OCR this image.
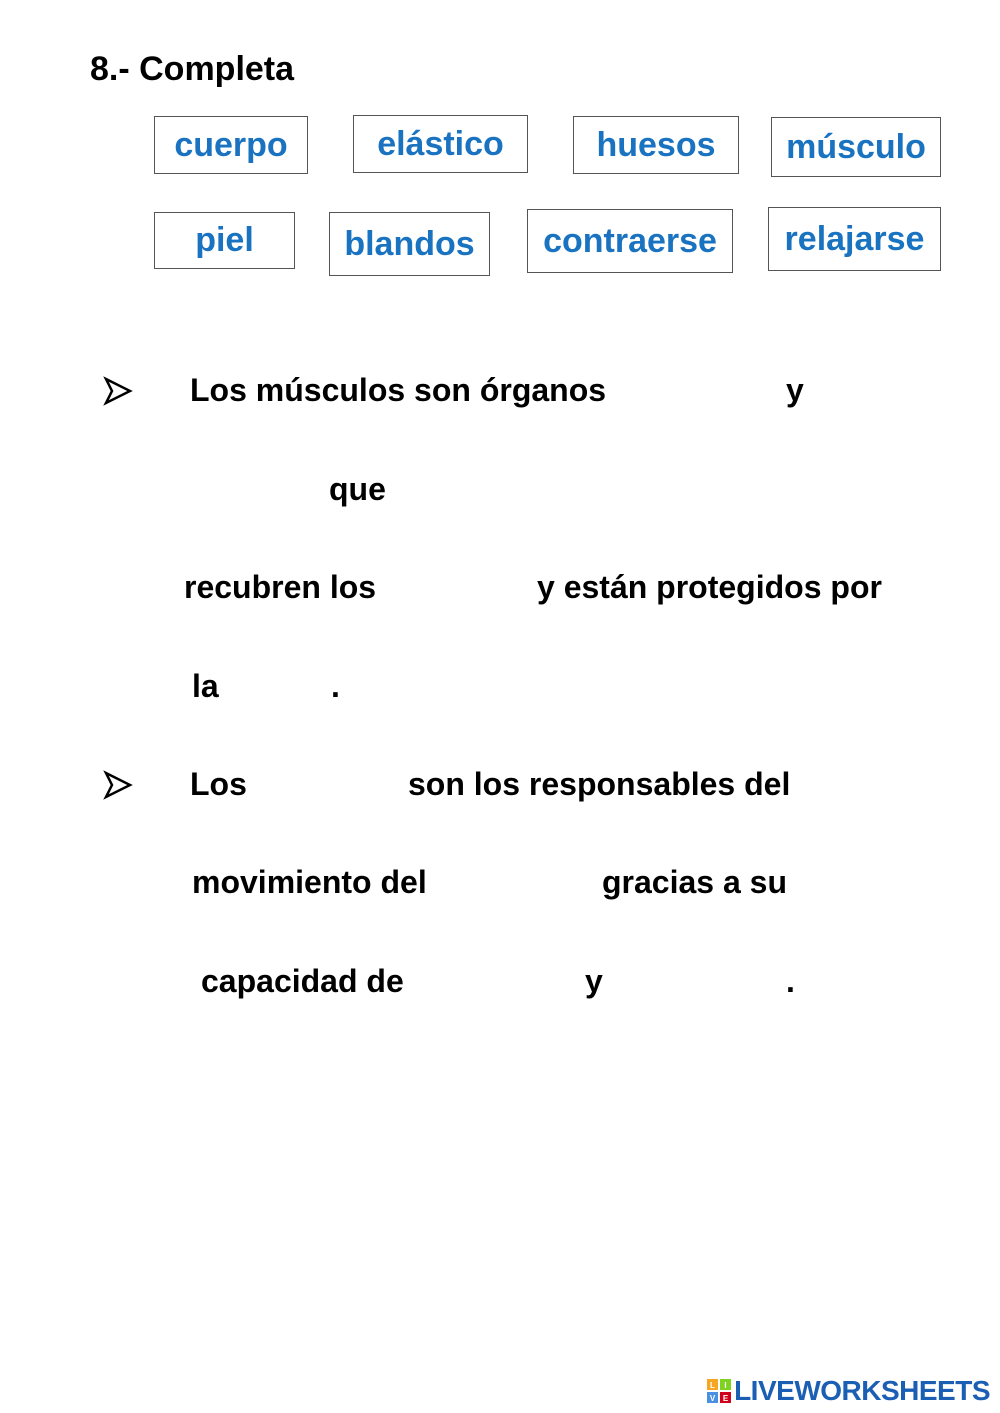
8.- Completa
cuerpo	elástico	huesos	músculo
piel	blandos	contraerse	relajarse
Los músculos son órganos	y
que
recubren los	y están protegidos por
la	.
Los	son los responsables del
movimiento del	gracias a su
capacidad de	y	.
L I
V E LIVEWORKSHEETS
